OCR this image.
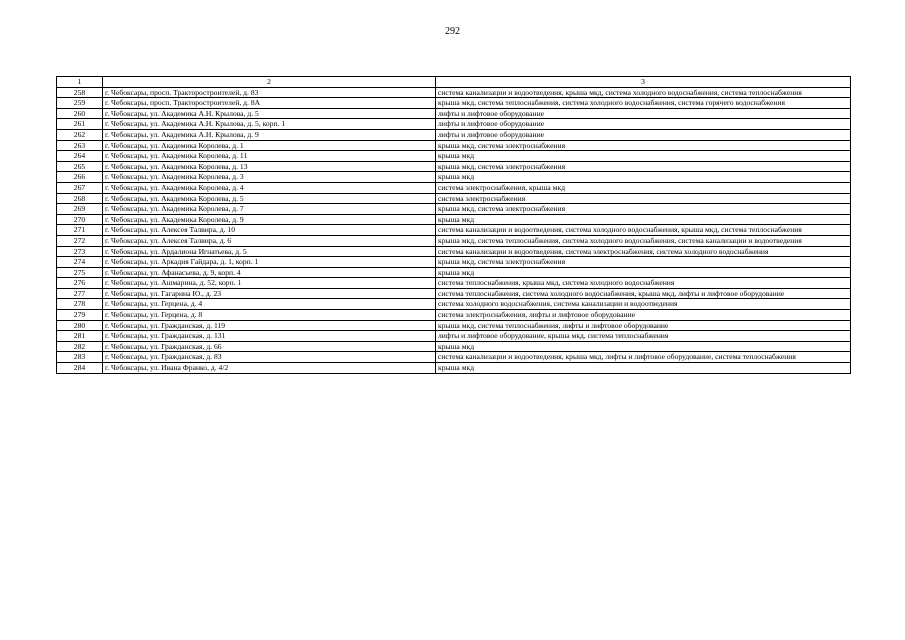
292
1	2	3
258	г. Чебоксары, просп. Тракторостроителей, д. 83	система канализации и водоотведения, крыша мкд, система холодного водоснабжения, система теплоснабжения
259	г. Чебоксары, просп. Тракторостроителей, д. 8А	крыша мкд, система теплоснабжения, система холодного водоснабжения, система горячего водоснабжения
260	г. Чебоксары, ул. Академика А.Н. Крылова, д. 5	лифты и лифтовое оборудование
261	г. Чебоксары, ул. Академика А.Н. Крылова, д. 5, корп. 1	лифты и лифтовое оборудование
262	г. Чебоксары, ул. Академика А.Н. Крылова, д. 9	лифты и лифтовое оборудование
263	г. Чебоксары, ул. Академика Королева, д. 1	крыша мкд, система электроснабжения
264	г. Чебоксары, ул. Академика Королева, д. 11	крыша мкд
265	г. Чебоксары, ул. Академика Королева, д. 13	крыша мкд, система электроснабжения
266	г. Чебоксары, ул. Академика Королева, д. 3	крыша мкд
267	г. Чебоксары, ул. Академика Королева, д. 4	система электроснабжения, крыша мкд
268	г. Чебоксары, ул. Академика Королева, д. 5	система электроснабжения
269	г. Чебоксары, ул. Академика Королева, д. 7	крыша мкд, система электроснабжения
270	г. Чебоксары, ул. Академика Королева, д. 9	крыша мкд
271	г. Чебоксары, ул. Алексея Талвира, д. 10	система канализации и водоотведения, система холодного водоснабжения, крыша мкд, система теплоснабжения
272	г. Чебоксары, ул. Алексея Талвира, д. 6	крыша мкд, система теплоснабжения, система холодного водоснабжения, система канализации и водоотведения
273	г. Чебоксары, ул. Ардалиона Игнатьева, д. 5	система канализации и водоотведения, система электроснабжения, система холодного водоснабжения
274	г. Чебоксары, ул. Аркадия Гайдара, д. 1, корп. 1	крыша мкд, система электроснабжения
275	г. Чебоксары, ул. Афанасьева, д. 9, корп. 4	крыша мкд
276	г. Чебоксары, ул. Ашмарина, д. 52, корп. 1	система теплоснабжения, крыша мкд, система холодного водоснабжения
277	г. Чебоксары, ул. Гагарина Ю., д. 23	система теплоснабжения, система холодного водоснабжения, крыша мкд, лифты и лифтовое оборудование
278	г. Чебоксары, ул. Герцена, д. 4	система холодного водоснабжения, система канализации и водоотведения
279	г. Чебоксары, ул. Герцена, д. 8	система электроснабжения, лифты и лифтовое оборудование
280	г. Чебоксары, ул. Гражданская, д. 119	крыша мкд, система теплоснабжения, лифты и лифтовое оборудование
281	г. Чебоксары, ул. Гражданская, д. 131	лифты и лифтовое оборудование, крыша мкд, система теплоснабжения
282	г. Чебоксары, ул. Гражданская, д. 66	крыша мкд
283	г. Чебоксары, ул. Гражданская, д. 83	система канализации и водоотведения, крыша мкд, лифты и лифтовое оборудование, система теплоснабжения
284	г. Чебоксары, ул. Ивана Франко, д. 4/2	крыша мкд
